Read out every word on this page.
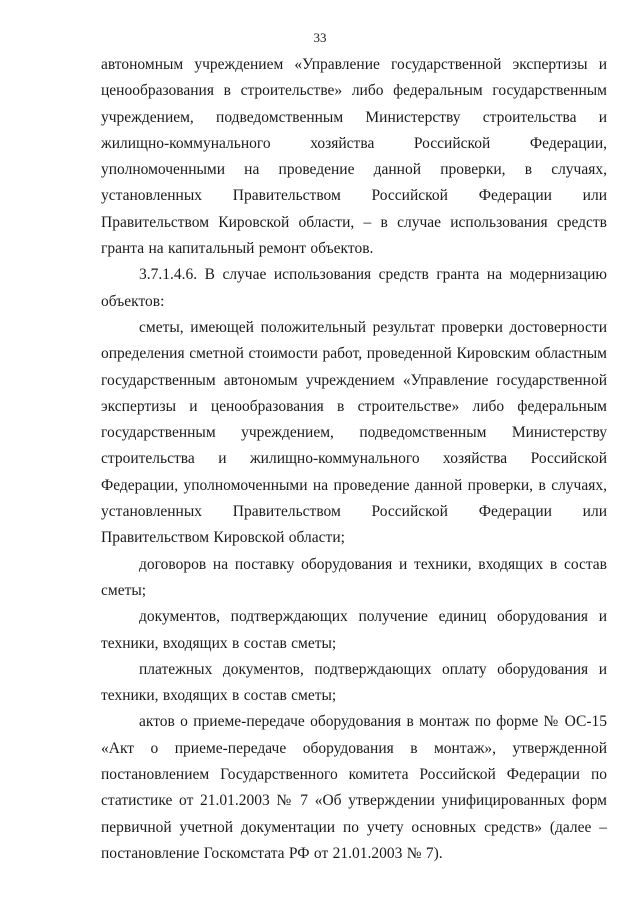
33

автономным учреждением «Управление государственной экспертизы и ценообразования в строительстве» либо федеральным государственным учреждением, подведомственным Министерству строительства и жилищно-коммунального хозяйства Российской Федерации, уполномоченными на проведение данной проверки, в случаях, установленных Правительством Российской Федерации или Правительством Кировской области, – в случае использования средств гранта на капитальный ремонт объектов.

3.7.1.4.6. В случае использования средств гранта на модернизацию объектов:

сметы, имеющей положительный результат проверки достоверности определения сметной стоимости работ, проведенной Кировским областным государственным автономым учреждением «Управление государственной экспертизы и ценообразования в строительстве» либо федеральным государственным учреждением, подведомственным Министерству строительства и жилищно-коммунального хозяйства Российской Федерации, уполномоченными на проведение данной проверки, в случаях, установленных Правительством Российской Федерации или Правительством Кировской области;

договоров на поставку оборудования и техники, входящих в состав сметы;

документов, подтверждающих получение единиц оборудования и техники, входящих в состав сметы;

платежных документов, подтверждающих оплату оборудования и техники, входящих в состав сметы;

актов о приеме-передаче оборудования в монтаж по форме № ОС-15 «Акт о приеме-передаче оборудования в монтаж», утвержденной постановлением Государственного комитета Российской Федерации по статистике от 21.01.2003 № 7 «Об утверждении унифицированных форм первичной учетной документации по учету основных средств» (далее – постановление Госкомстата РФ от 21.01.2003 № 7).
